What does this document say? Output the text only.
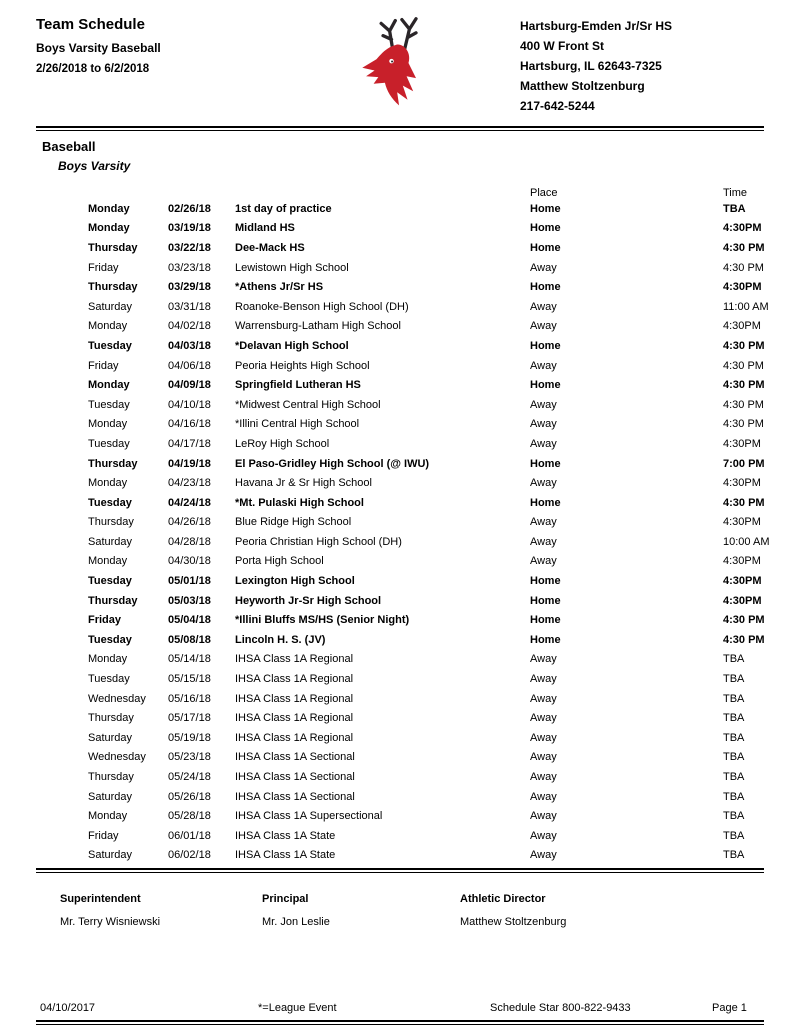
Team Schedule
Boys Varsity Baseball
2/26/2018 to 6/2/2018
Hartsburg-Emden Jr/Sr HS
400 W Front St
Hartsburg, IL 62643-7325
Matthew Stoltzenburg
217-642-5244
Baseball
Boys Varsity
Place	Time
Monday	02/26/18	1st day of practice	Home	TBA
Monday	03/19/18	Midland HS	Home	4:30PM
Thursday	03/22/18	Dee-Mack HS	Home	4:30 PM
Friday	03/23/18	Lewistown High School	Away	4:30 PM
Thursday	03/29/18	*Athens Jr/Sr HS	Home	4:30PM
Saturday	03/31/18	Roanoke-Benson High School (DH)	Away	11:00 AM
Monday	04/02/18	Warrensburg-Latham High School	Away	4:30PM
Tuesday	04/03/18	*Delavan High School	Home	4:30 PM
Friday	04/06/18	Peoria Heights High School	Away	4:30 PM
Monday	04/09/18	Springfield Lutheran HS	Home	4:30 PM
Tuesday	04/10/18	*Midwest Central High School	Away	4:30 PM
Monday	04/16/18	*Illini Central High School	Away	4:30 PM
Tuesday	04/17/18	LeRoy High School	Away	4:30PM
Thursday	04/19/18	El Paso-Gridley High School (@ IWU)	Home	7:00 PM
Monday	04/23/18	Havana Jr & Sr High School	Away	4:30PM
Tuesday	04/24/18	*Mt. Pulaski High School	Home	4:30 PM
Thursday	04/26/18	Blue Ridge High School	Away	4:30PM
Saturday	04/28/18	Peoria Christian High School (DH)	Away	10:00 AM
Monday	04/30/18	Porta High School	Away	4:30PM
Tuesday	05/01/18	Lexington High School	Home	4:30PM
Thursday	05/03/18	Heyworth Jr-Sr High School	Home	4:30PM
Friday	05/04/18	*Illini Bluffs MS/HS (Senior Night)	Home	4:30 PM
Tuesday	05/08/18	Lincoln H. S. (JV)	Home	4:30 PM
Monday	05/14/18	IHSA Class 1A Regional	Away	TBA
Tuesday	05/15/18	IHSA Class 1A Regional	Away	TBA
Wednesday	05/16/18	IHSA Class 1A Regional	Away	TBA
Thursday	05/17/18	IHSA Class 1A Regional	Away	TBA
Saturday	05/19/18	IHSA Class 1A Regional	Away	TBA
Wednesday	05/23/18	IHSA Class 1A Sectional	Away	TBA
Thursday	05/24/18	IHSA Class 1A Sectional	Away	TBA
Saturday	05/26/18	IHSA Class 1A Sectional	Away	TBA
Monday	05/28/18	IHSA Class 1A Supersectional	Away	TBA
Friday	06/01/18	IHSA Class 1A State	Away	TBA
Saturday	06/02/18	IHSA Class 1A State	Away	TBA
Superintendent
Mr. Terry Wisniewski
Principal
Mr. Jon Leslie
Athletic Director
Matthew Stoltzenburg
04/10/2017	*=League Event	Schedule Star 800-822-9433	Page 1
